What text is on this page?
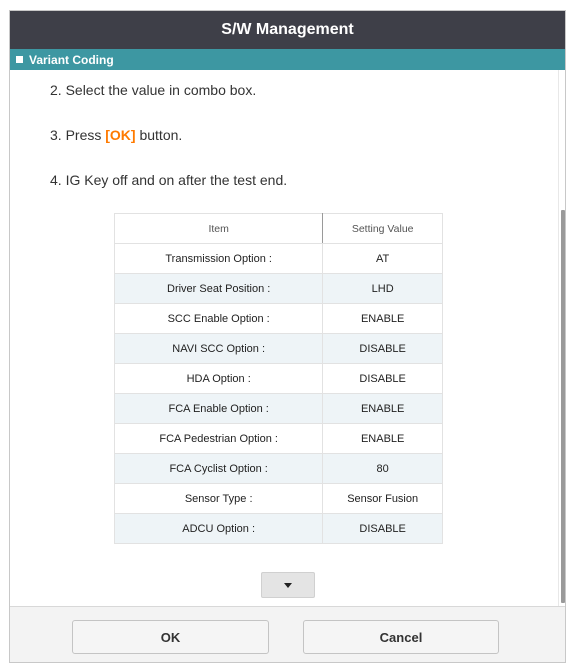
S/W Management
Variant Coding
2. Select the value in combo box.
3. Press [OK] button.
4. IG Key off and on after the test end.
Item	Setting Value
Transmission Option :	AT
Driver Seat Position :	LHD
SCC Enable Option :	ENABLE
NAVI SCC Option :	DISABLE
HDA Option :	DISABLE
FCA Enable Option :	ENABLE
FCA Pedestrian Option :	ENABLE
FCA Cyclist Option :	80
Sensor Type :	Sensor Fusion
ADCU Option :	DISABLE
OK	Cancel
